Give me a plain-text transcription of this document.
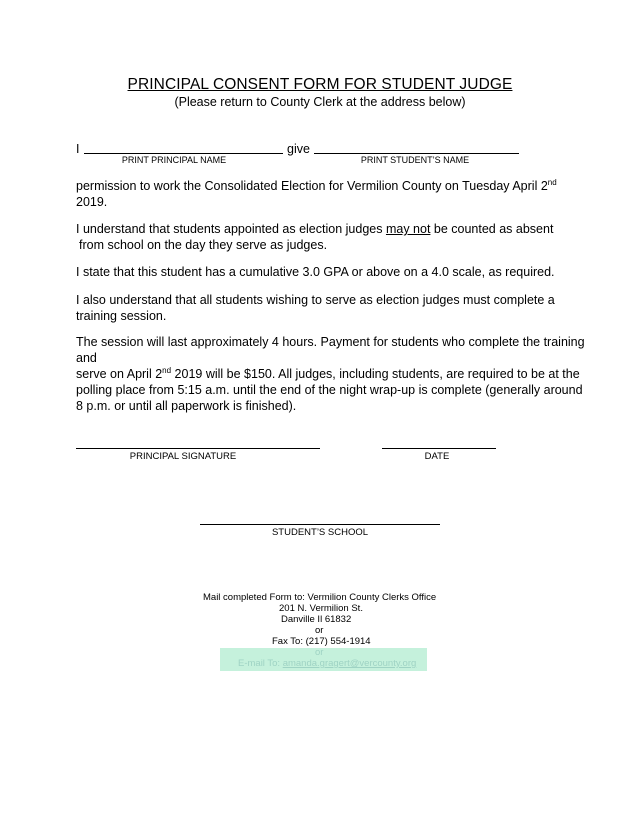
PRINCIPAL CONSENT FORM FOR STUDENT JUDGE
(Please return to County Clerk at the address below)
I	give
PRINT PRINCIPAL NAME	PRINT STUDENT’S NAME
permission to work the Consolidated Election for Vermilion County on Tuesday April 2nd
2019.
I understand that students appointed as election judges may not be counted as absent
from school on the day they serve as judges.
I state that this student has a cumulative 3.0 GPA or above on a 4.0 scale, as required.
I also understand that all students wishing to serve as election judges must complete a
training session.
The session will last approximately 4 hours. Payment for students who complete the training and
serve on April 2nd 2019 will be $150. All judges, including students, are required to be at the
polling place from 5:15 a.m. until the end of the night wrap-up is complete (generally around
8 p.m. or until all paperwork is finished).
PRINCIPAL SIGNATURE	DATE
STUDENT’S SCHOOL
Mail completed Form to: Vermilion County Clerks Office
201 N. Vermilion St.
Danville Il 61832
or
Fax To: (217) 554-1914
or
E-mail To: amanda.gragert@vercounty.org
